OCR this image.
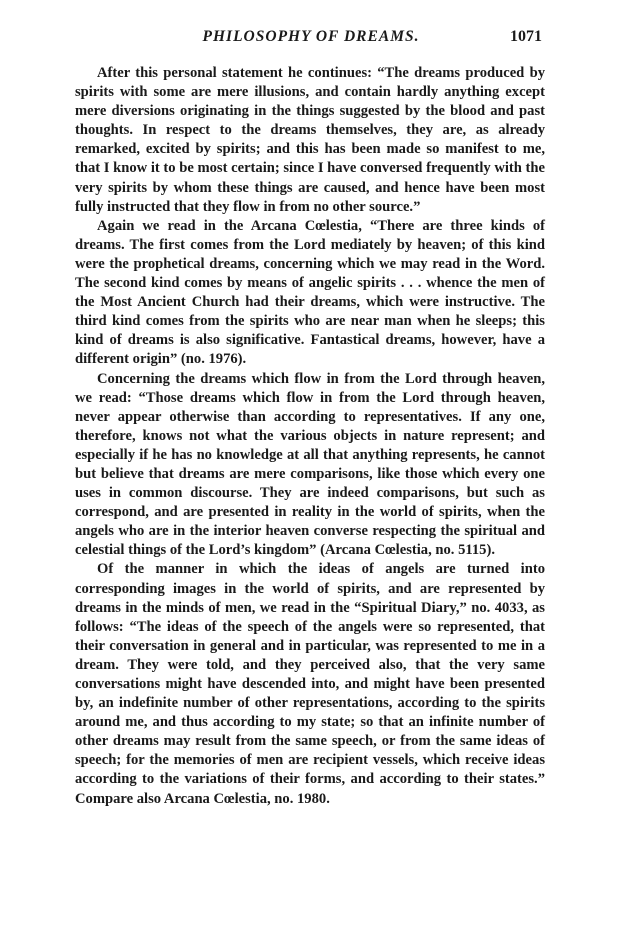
PHILOSOPHY OF DREAMS.	1071

After this personal statement he continues: “The dreams produced by spirits with some are mere illusions, and contain hardly anything except mere diversions originating in the things suggested by the blood and past thoughts. In respect to the dreams themselves, they are, as already remarked, excited by spirits; and this has been made so manifest to me, that I know it to be most certain; since I have conversed frequently with the very spirits by whom these things are caused, and hence have been most fully instructed that they flow in from no other source.”

Again we read in the Arcana Cœlestia, “There are three kinds of dreams. The first comes from the Lord mediately by heaven; of this kind were the prophetical dreams, concerning which we may read in the Word. The second kind comes by means of angelic spirits . . . whence the men of the Most Ancient Church had their dreams, which were instructive. The third kind comes from the spirits who are near man when he sleeps; this kind of dreams is also significative. Fantastical dreams, however, have a different origin” (no. 1976).

Concerning the dreams which flow in from the Lord through heaven, we read: “Those dreams which flow in from the Lord through heaven, never appear otherwise than according to representatives. If any one, therefore, knows not what the various objects in nature represent; and especially if he has no knowledge at all that anything represents, he cannot but believe that dreams are mere comparisons, like those which every one uses in common discourse. They are indeed comparisons, but such as correspond, and are presented in reality in the world of spirits, when the angels who are in the interior heaven converse respecting the spiritual and celestial things of the Lord’s kingdom” (Arcana Cœlestia, no. 5115).

Of the manner in which the ideas of angels are turned into corresponding images in the world of spirits, and are represented by dreams in the minds of men, we read in the “Spiritual Diary,” no. 4033, as follows: “The ideas of the speech of the angels were so represented, that their conversation in general and in particular, was represented to me in a dream. They were told, and they perceived also, that the very same conversations might have descended into, and might have been presented by, an indefinite number of other representations, according to the spirits around me, and thus according to my state; so that an infinite number of other dreams may result from the same speech, or from the same ideas of speech; for the memories of men are recipient vessels, which receive ideas according to the variations of their forms, and according to their states.” Compare also Arcana Cœlestia, no. 1980.
